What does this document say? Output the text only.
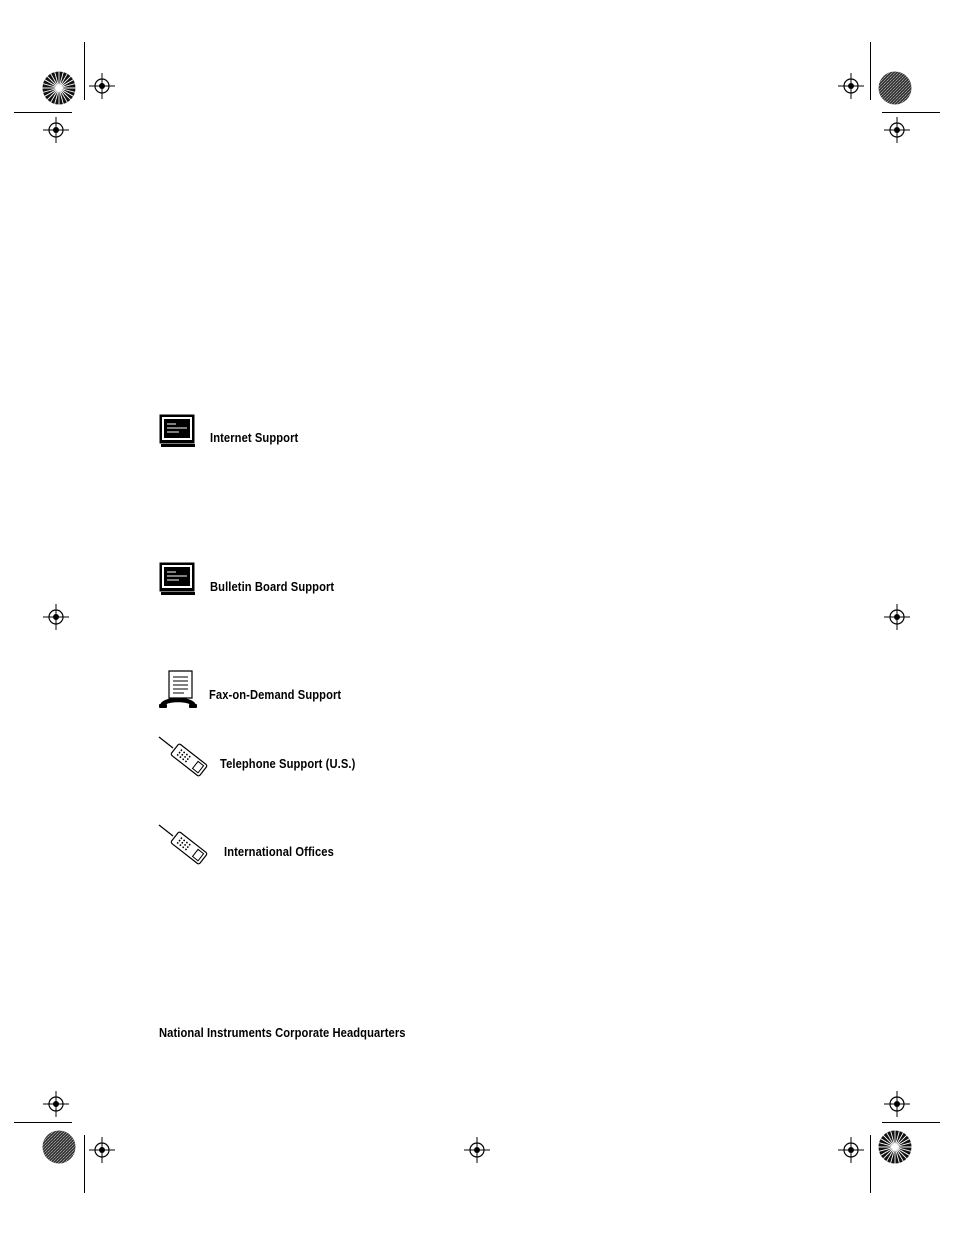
Internet Support
Bulletin Board Support
Fax-on-Demand Support
Telephone Support (U.S.)
International Offices
National Instruments Corporate Headquarters
